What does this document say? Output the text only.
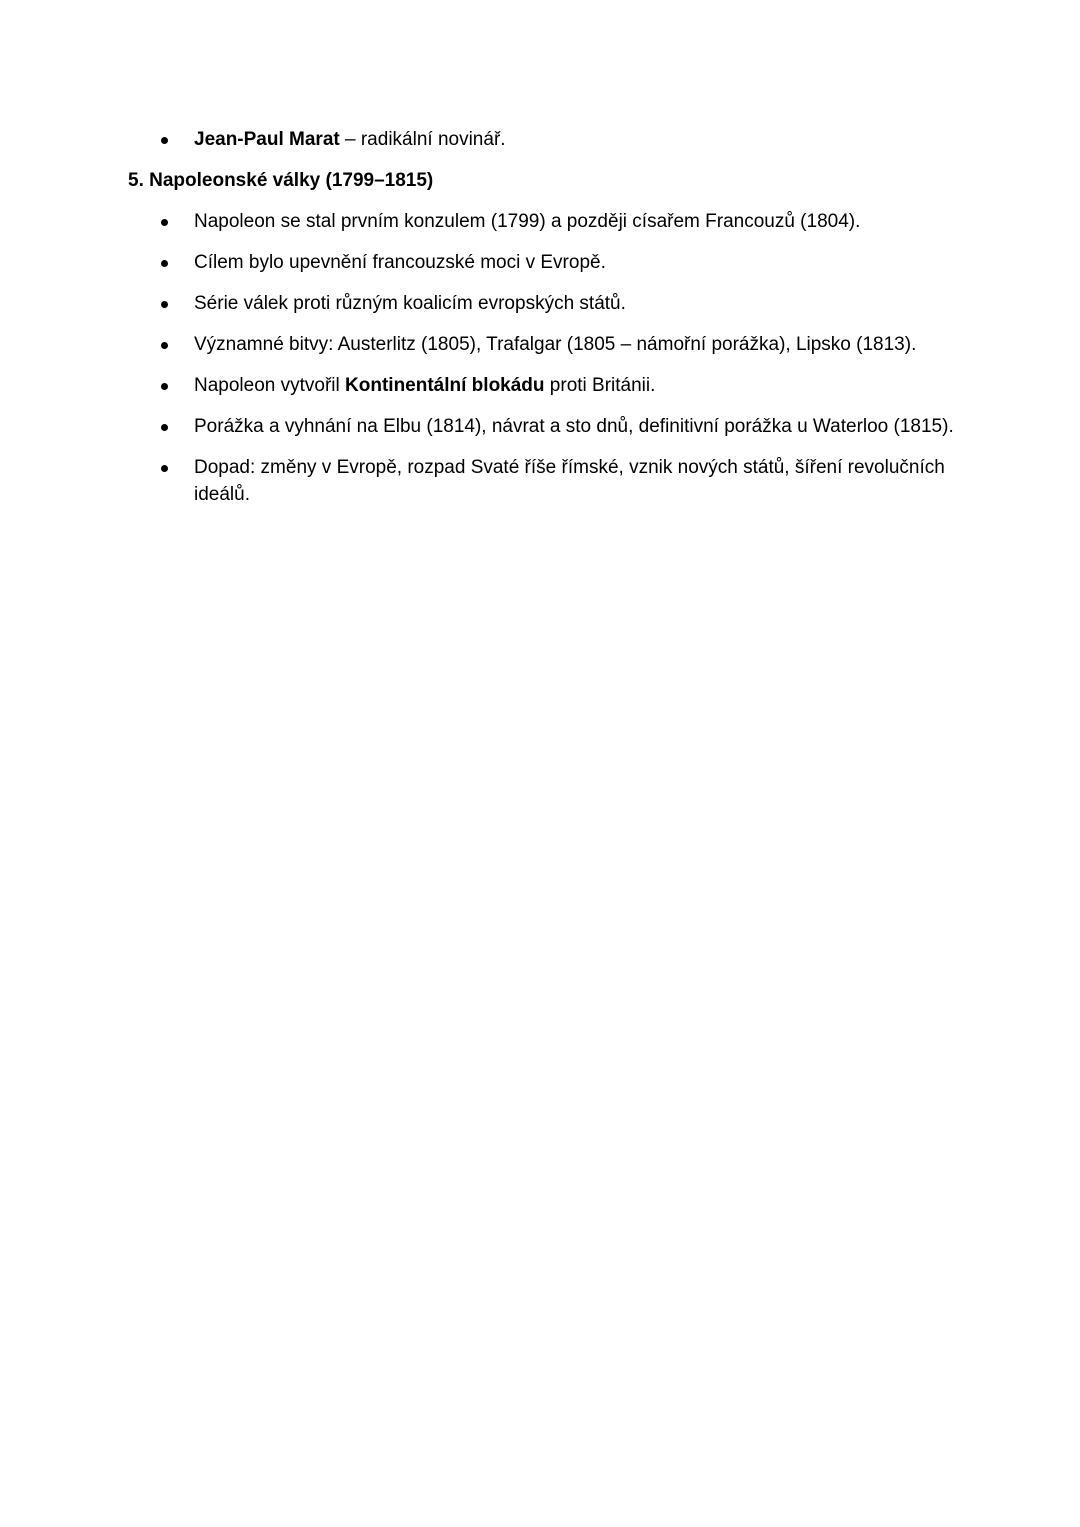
Jean-Paul Marat – radikální novinář.
5. Napoleonské války (1799–1815)
Napoleon se stal prvním konzulem (1799) a později císařem Francouzů (1804).
Cílem bylo upevnění francouzské moci v Evropě.
Série válek proti různým koalicím evropských států.
Významné bitvy: Austerlitz (1805), Trafalgar (1805 – námořní porážka), Lipsko (1813).
Napoleon vytvořil Kontinentální blokádu proti Británii.
Porážka a vyhnání na Elbu (1814), návrat a sto dnů, definitivní porážka u Waterloo (1815).
Dopad: změny v Evropě, rozpad Svaté říše římské, vznik nových států, šíření revolučních ideálů.
